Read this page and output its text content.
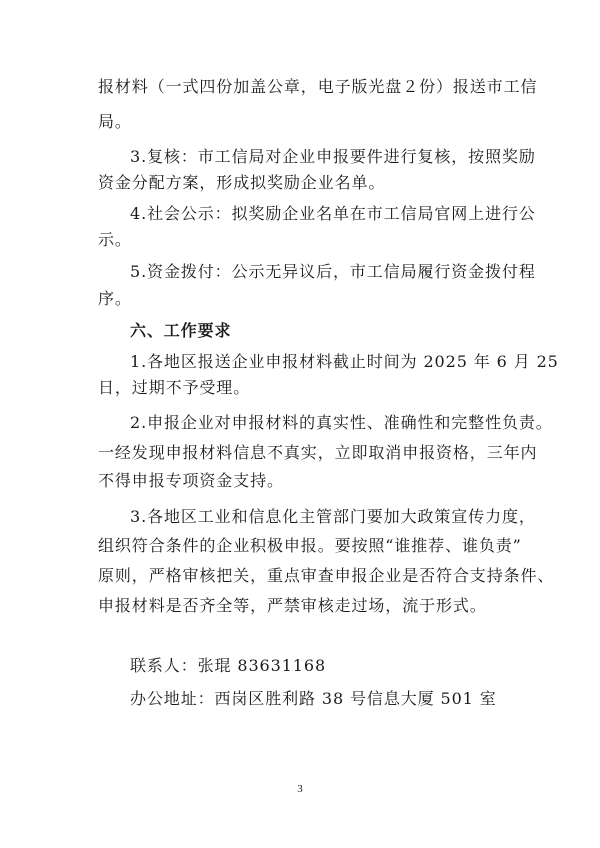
报材料（一式四份加盖公章，电子版光盘２份）报送市工信
局。
3.复核：市工信局对企业申报要件进行复核，按照奖励
资金分配方案，形成拟奖励企业名单。
4.社会公示：拟奖励企业名单在市工信局官网上进行公
示。
5.资金拨付：公示无异议后，市工信局履行资金拨付程
序。
六、工作要求
1.各地区报送企业申报材料截止时间为 2025 年 6 月 25
日，过期不予受理。
2.申报企业对申报材料的真实性、准确性和完整性负责。
一经发现申报材料信息不真实，立即取消申报资格，三年内
不得申报专项资金支持。
3.各地区工业和信息化主管部门要加大政策宣传力度，
组织符合条件的企业积极申报。要按照“谁推荐、谁负责”
原则，严格审核把关，重点审查申报企业是否符合支持条件、
申报材料是否齐全等，严禁审核走过场，流于形式。
联系人：张琨 83631168
办公地址：西岗区胜利路 38 号信息大厦 501 室
3
